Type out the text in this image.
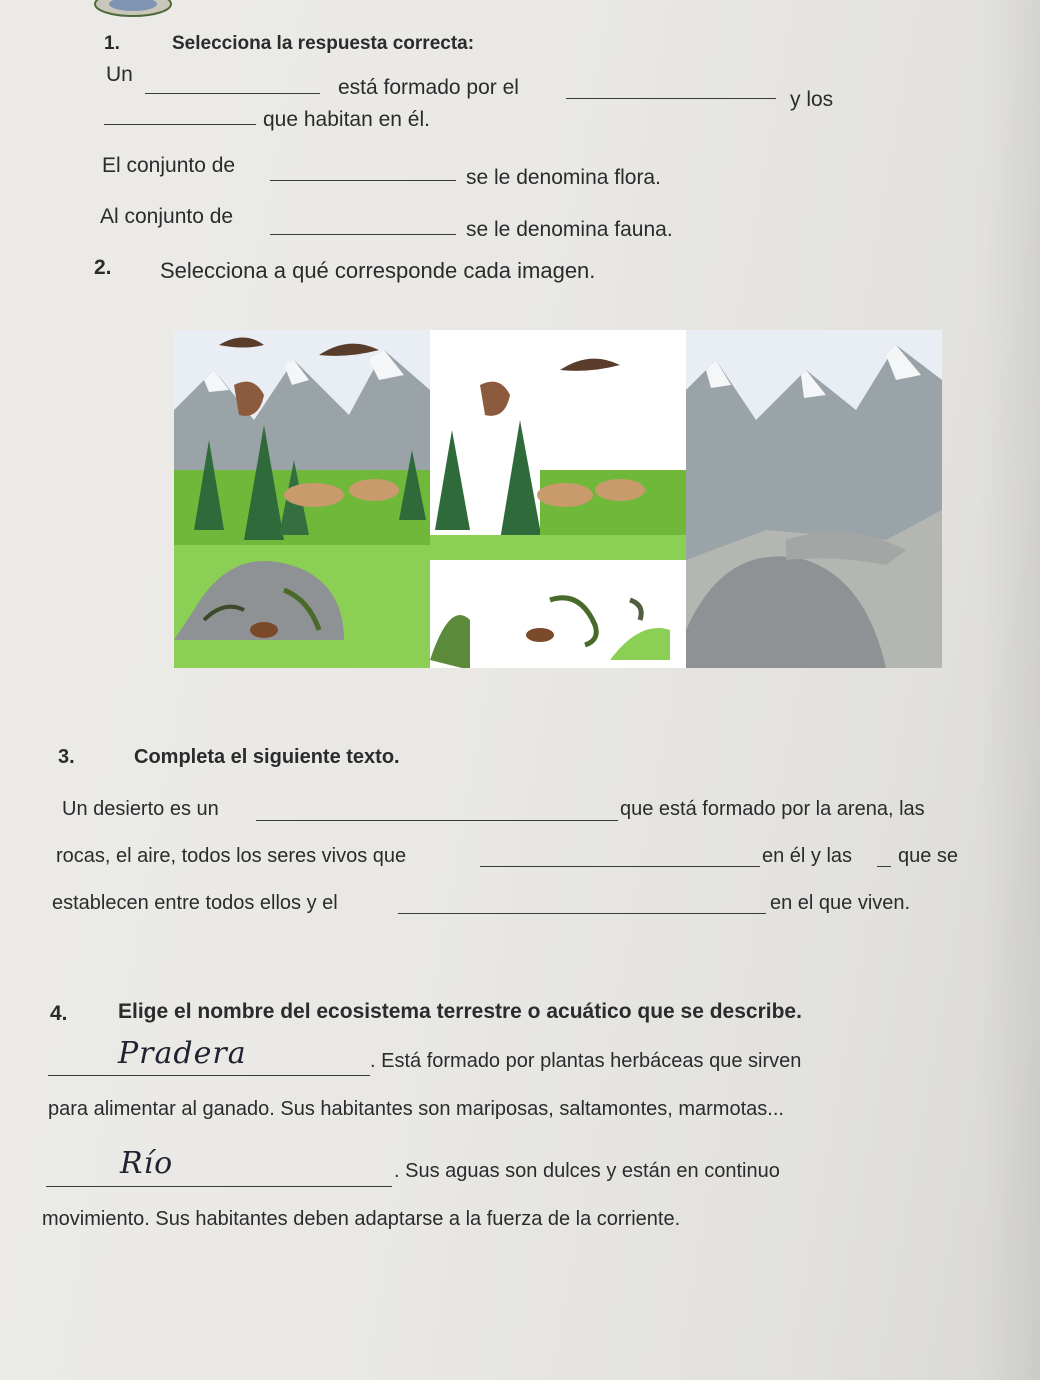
1.	Selecciona la respuesta correcta:
Un
está formado por el
y los
que habitan en él.
El conjunto de
se le denomina flora.
Al conjunto de
se le denomina fauna.
2. Selecciona a qué corresponde cada imagen.
3.	Completa el siguiente texto.
Un desierto es un	que está formado por la arena, las
rocas, el aire, todos los seres vivos que	en él y las que se
establecen entre todos ellos y el	en el que viven.
4. Elige el nombre del ecosistema terrestre o acuático que se describe.
Pradera	. Está formado por plantas herbáceas que sirven
para alimentar al ganado. Sus habitantes son mariposas, saltamontes, marmotas...
Río	. Sus aguas son dulces y están en continuo
movimiento. Sus habitantes deben adaptarse a la fuerza de la corriente.
